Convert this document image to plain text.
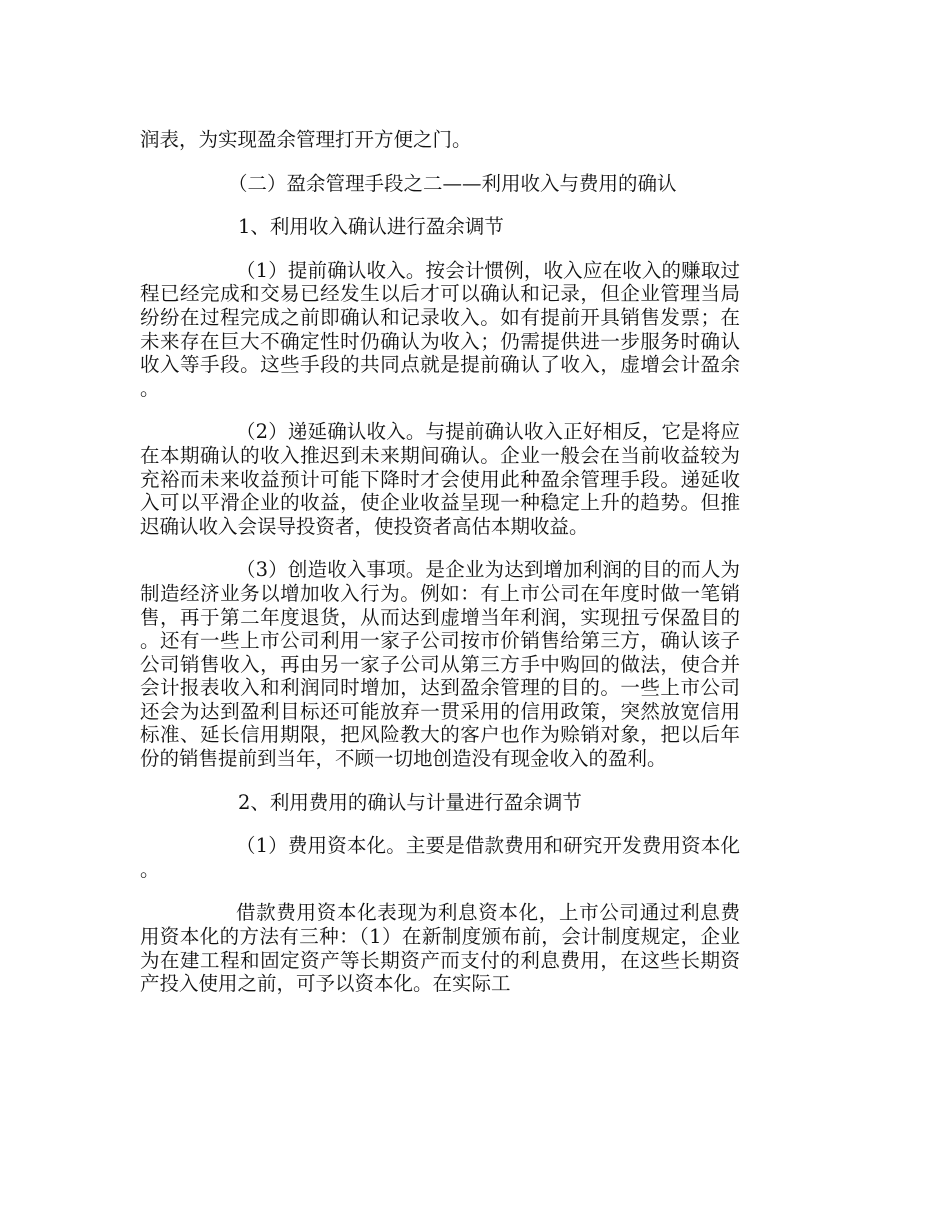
润表，为实现盈余管理打开方便之门。

（二）盈余管理手段之二——利用收入与费用的确认

1、利用收入确认进行盈余调节

（1）提前确认收入。按会计惯例，收入应在收入的赚取过程已经完成和交易已经发生以后才可以确认和记录，但企业管理当局纷纷在过程完成之前即确认和记录收入。如有提前开具销售发票；在未来存在巨大不确定性时仍确认为收入；仍需提供进一步服务时确认收入等手段。这些手段的共同点就是提前确认了收入，虚增会计盈余。

（2）递延确认收入。与提前确认收入正好相反，它是将应在本期确认的收入推迟到未来期间确认。企业一般会在当前收益较为充裕而未来收益预计可能下降时才会使用此种盈余管理手段。递延收入可以平滑企业的收益，使企业收益呈现一种稳定上升的趋势。但推迟确认收入会误导投资者，使投资者高估本期收益。

（3）创造收入事项。是企业为达到增加利润的目的而人为制造经济业务以增加收入行为。例如：有上市公司在年度时做一笔销售，再于第二年度退货，从而达到虚增当年利润，实现扭亏保盈目的。还有一些上市公司利用一家子公司按市价销售给第三方，确认该子公司销售收入，再由另一家子公司从第三方手中购回的做法，使合并会计报表收入和利润同时增加，达到盈余管理的目的。一些上市公司还会为达到盈利目标还可能放弃一贯采用的信用政策，突然放宽信用标准、延长信用期限，把风险教大的客户也作为赊销对象，把以后年份的销售提前到当年，不顾一切地创造没有现金收入的盈利。

2、利用费用的确认与计量进行盈余调节

（1）费用资本化。主要是借款费用和研究开发费用资本化。

借款费用资本化表现为利息资本化，上市公司通过利息费用资本化的方法有三种：（1）在新制度颁布前，会计制度规定，企业为在建工程和固定资产等长期资产而支付的利息费用，在这些长期资产投入使用之前，可予以资本化。在实际工
